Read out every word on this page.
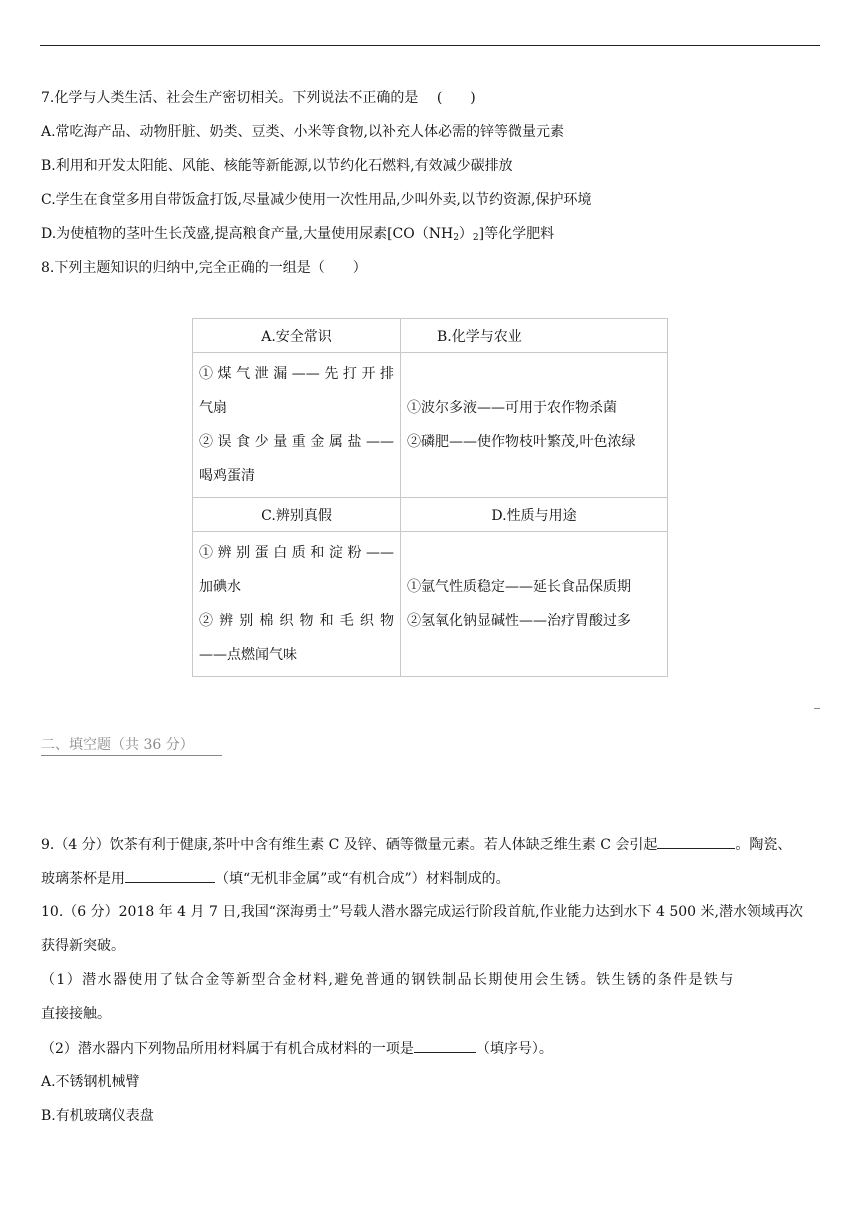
7.化学与人类生活、社会生产密切相关。下列说法不正确的是 (　　)
A.常吃海产品、动物肝脏、奶类、豆类、小米等食物,以补充人体必需的锌等微量元素
B.利用和开发太阳能、风能、核能等新能源,以节约化石燃料,有效减少碳排放
C.学生在食堂多用自带饭盒打饭,尽量减少使用一次性用品,少叫外卖,以节约资源,保护环境
D.为使植物的茎叶生长茂盛,提高粮食产量,大量使用尿素$[CO(NH_2)_2]$等化学肥料
8.下列主题知识的归纳中,完全正确的一组是（　　）
A.安全常识	B.化学与农业

①煤气泄漏——先打开排
气扇
②误食少量重金属盐——
喝鸡蛋清	①波尔多液——可用于农作物杀菌
②磷肥——使作物枝叶繁茂,叶色浓绿

C.辨别真假	D.性质与用途

①辨别蛋白质和淀粉——
加碘水
②辨别棉织物和毛织物
——点燃闻气味	①氩气性质稳定——延长食品保质期
②氢氧化钠显碱性——治疗胃酸过多
二、填空题（共 36 分）
9.（4 分）饮茶有利于健康,茶叶中含有维生素 C 及锌、硒等微量元素。若人体缺乏维生素 C 会引起	。陶瓷、
玻璃茶杯是用	（填“无机非金属”或“有机合成”）材料制成的。
10.（6 分）2018 年 4 月 7 日,我国“深海勇士”号载人潜水器完成运行阶段首航,作业能力达到水下 4 500 米,潜水领域再次
获得新突破。
（1）潜水器使用了钛合金等新型合金材料,避免普通的钢铁制品长期使用会生锈。铁生锈的条件是铁与
直接接触。
（2）潜水器内下列物品所用材料属于有机合成材料的一项是	（填序号）。
A.不锈钢机械臂
B.有机玻璃仪表盘
